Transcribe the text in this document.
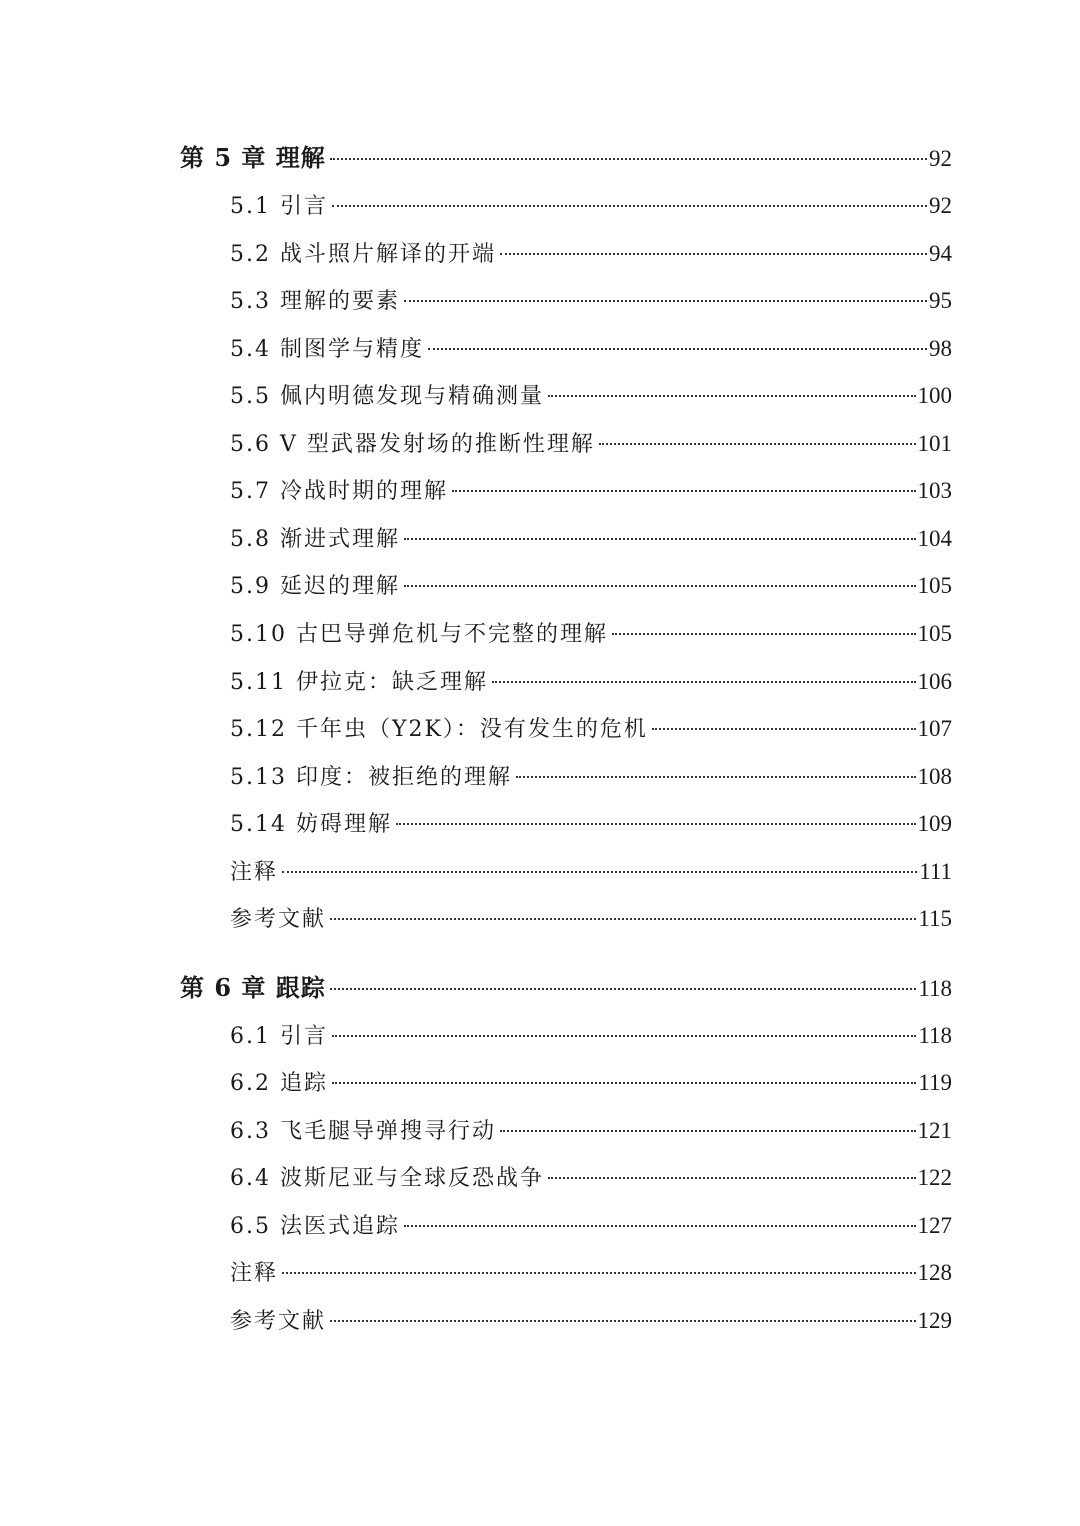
第 5 章 理解	92
5.1 引言	92
5.2 战斗照片解译的开端	94
5.3 理解的要素	95
5.4 制图学与精度	98
5.5 佩内明德发现与精确测量	100
5.6 V 型武器发射场的推断性理解	101
5.7 冷战时期的理解	103
5.8 渐进式理解	104
5.9 延迟的理解	105
5.10 古巴导弹危机与不完整的理解	105
5.11 伊拉克：缺乏理解	106
5.12 千年虫（Y2K）：没有发生的危机	107
5.13 印度：被拒绝的理解	108
5.14 妨碍理解	109
注释	111
参考文献	115
第 6 章 跟踪	118
6.1 引言	118
6.2 追踪	119
6.3 飞毛腿导弹搜寻行动	121
6.4 波斯尼亚与全球反恐战争	122
6.5 法医式追踪	127
注释	128
参考文献	129
